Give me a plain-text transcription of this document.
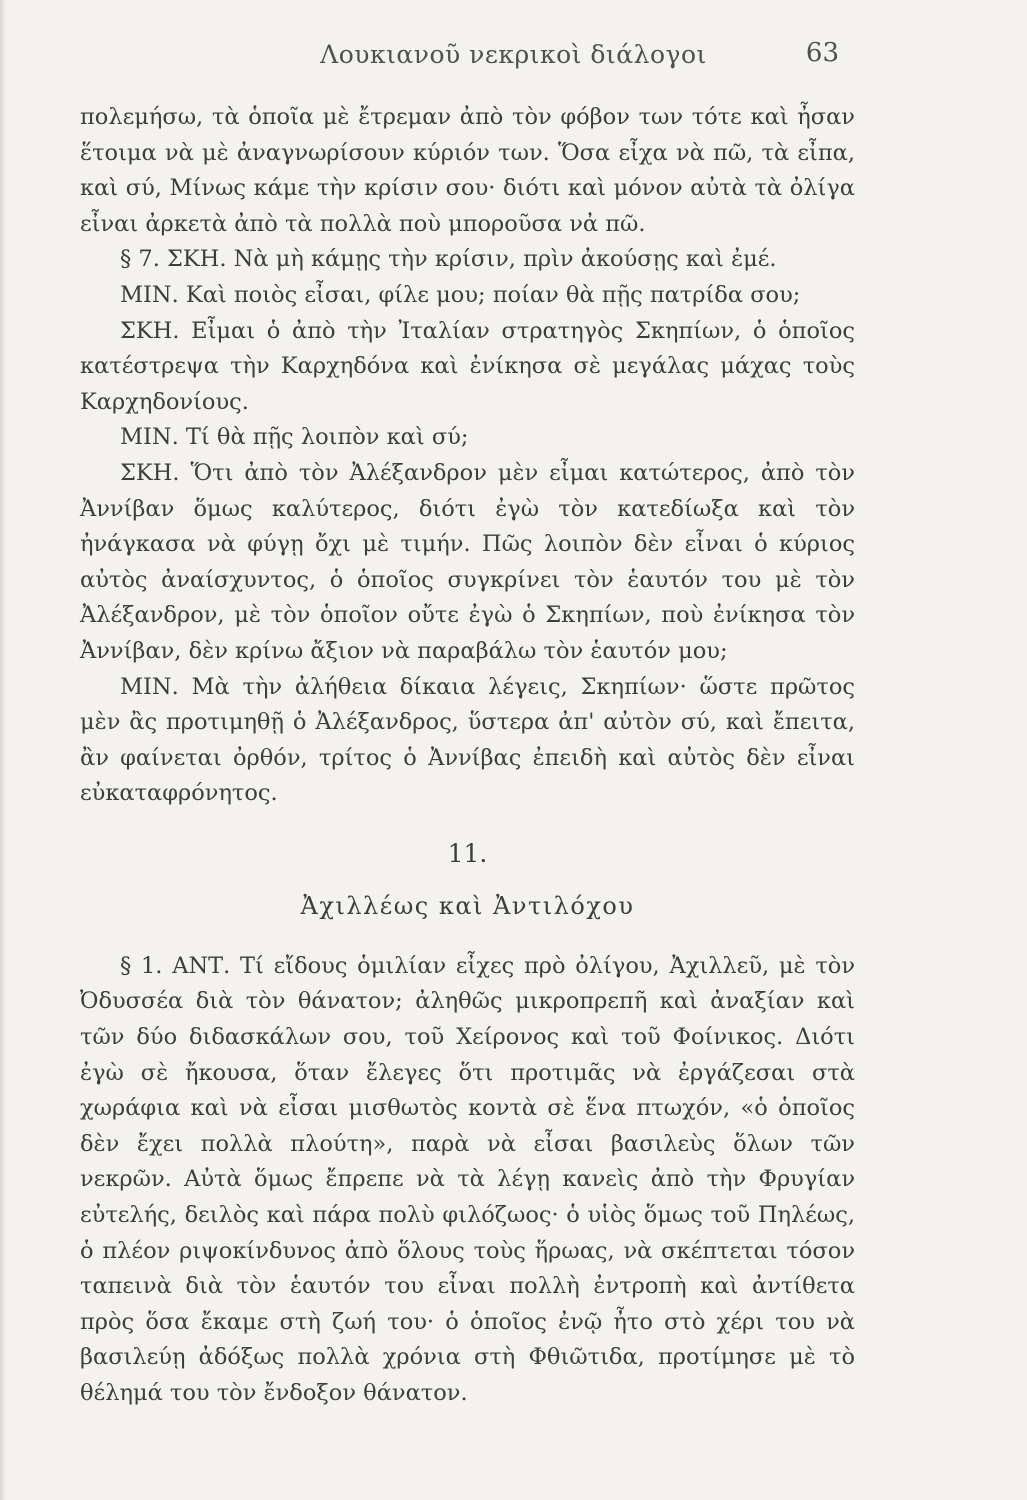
Λουκιανοῦ νεκρικοὶ διάλογοι	63

πολεμήσω, τὰ ὁποῖα μὲ ἔτρεμαν ἀπὸ τὸν φόβον των τότε καὶ ἦσαν ἕτοιμα νὰ μὲ ἀναγνωρίσουν κύριόν των. Ὅσα εἶχα νὰ πῶ, τὰ εἶπα, καὶ σύ, Μίνως κάμε τὴν κρίσιν σου· διότι καὶ μόνον αὐτὰ τὰ ὀλίγα εἶναι ἀρκετὰ ἀπὸ τὰ πολλὰ ποὺ μποροῦσα νἀ πῶ.

§ 7. ΣΚΗ. Νὰ μὴ κάμῃς τὴν κρίσιν, πρὶν ἀκούσῃς καὶ ἐμέ.

ΜΙΝ. Καὶ ποιὸς εἶσαι, φίλε μου; ποίαν θὰ πῇς πατρίδα σου;

ΣΚΗ. Εἶμαι ὁ ἀπὸ τὴν Ἰταλίαν στρατηγὸς Σκηπίων, ὁ ὁποῖος κατέστρεψα τὴν Καρχηδόνα καὶ ἐνίκησα σὲ μεγάλας μάχας τοὺς Καρχηδονίους.

ΜΙΝ. Τί θὰ πῇς λοιπὸν καὶ σύ;

ΣΚΗ. Ὅτι ἀπὸ τὸν Ἀλέξανδρον μὲν εἶμαι κατώτερος, ἀπὸ τὸν Ἀννίβαν ὅμως καλύτερος, διότι ἐγὼ τὸν κατεδίωξα καὶ τὸν ἠνάγκασα νὰ φύγῃ ὄχι μὲ τιμήν. Πῶς λοιπὸν δὲν εἶναι ὁ κύριος αὐτὸς ἀναίσχυντος, ὁ ὁποῖος συγκρίνει τὸν ἑαυτόν του μὲ τὸν Ἀλέξανδρον, μὲ τὸν ὁποῖον οὔτε ἐγὼ ὁ Σκηπίων, ποὺ ἐνίκησα τὸν Ἀννίβαν, δὲν κρίνω ἄξιον νὰ παραβάλω τὸν ἑαυτόν μου;

ΜΙΝ. Μὰ τὴν ἀλήθεια δίκαια λέγεις, Σκηπίων· ὥστε πρῶτος μὲν ἂς προτιμηθῇ ὁ Ἀλέξανδρος, ὕστερα ἀπ' αὐτὸν σύ, καὶ ἔπειτα, ἂν φαίνεται ὀρθόν, τρίτος ὁ Ἀννίβας ἐπειδὴ καὶ αὐτὸς δὲν εἶναι εὐκαταφρόνητος.

11.
Ἀχιλλέως καὶ Ἀντιλόχου

§ 1. ΑΝΤ. Τί εἴδους ὁμιλίαν εἶχες πρὸ ὀλίγου, Ἀχιλλεῦ, μὲ τὸν Ὀδυσσέα διὰ τὸν θάνατον; ἀληθῶς μικροπρεπῆ καὶ ἀναξίαν καὶ τῶν δύο διδασκάλων σου, τοῦ Χείρονος καὶ τοῦ Φοίνικος. Διότι ἐγὼ σὲ ἤκουσα, ὅταν ἔλεγες ὅτι προτιμᾶς νὰ ἐργάζεσαι στὰ χωράφια καὶ νὰ εἶσαι μισθωτὸς κοντὰ σὲ ἕνα πτωχόν, «ὁ ὁποῖος δὲν ἔχει πολλὰ πλούτη», παρὰ νὰ εἶσαι βασιλεὺς ὅλων τῶν νεκρῶν. Αὐτὰ ὅμως ἔπρεπε νὰ τὰ λέγῃ κανεὶς ἀπὸ τὴν Φρυγίαν εὐτελής, δειλὸς καὶ πάρα πολὺ φιλόζωος· ὁ υἱὸς ὅμως τοῦ Πηλέως, ὁ πλέον ριψοκίνδυνος ἀπὸ ὅλους τοὺς ἥρωας, νὰ σκέπτεται τόσον ταπεινὰ διὰ τὸν ἑαυτόν του εἶναι πολλὴ ἐντροπὴ καὶ ἀντίθετα πρὸς ὅσα ἔκαμε στὴ ζωή του· ὁ ὁποῖος ἐνῷ ἦτο στὸ χέρι του νὰ βασιλεύῃ ἀδόξως πολλὰ χρόνια στὴ Φθιῶτιδα, προτίμησε μὲ τὸ θέλημά του τὸν ἔνδοξον θάνατον.
